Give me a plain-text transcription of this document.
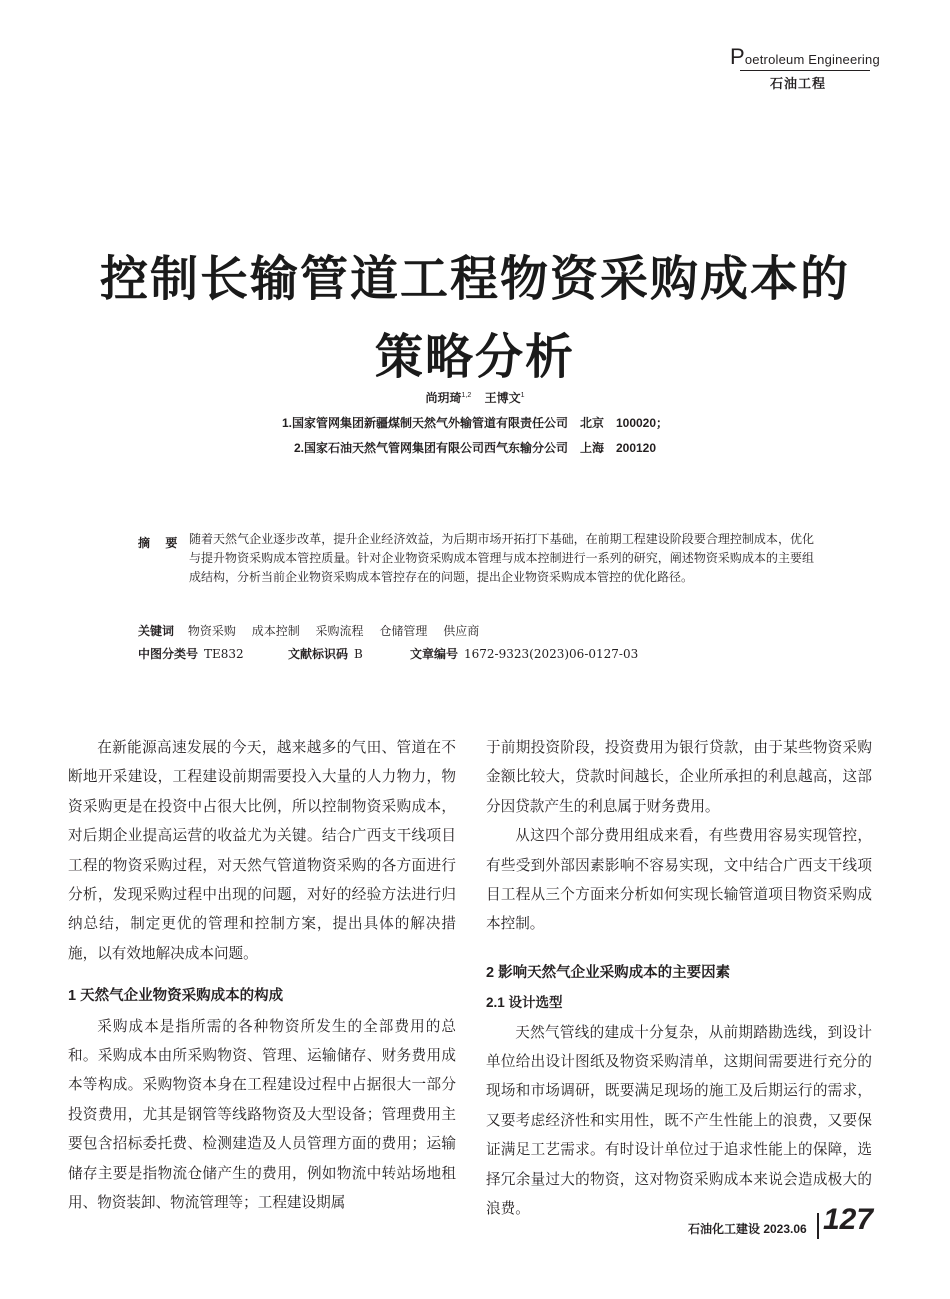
Poetroleum Engineering
石油工程
控制长输管道工程物资采购成本的
策略分析
尚玥琦$^{1,2}$ 王博文$^1$
1.国家管网集团新疆煤制天然气外输管道有限责任公司　北京　100020；
2.国家石油天然气管网集团有限公司西气东输分公司　上海　200120
摘 要 随着天然气企业逐步改革，提升企业经济效益，为后期市场开拓打下基础，在前期工程建设阶段要合理控制成本，优化与提升物资采购成本管控质量。针对企业物资采购成本管理与成本控制进行一系列的研究，阐述物资采购成本的主要组成结构，分析当前企业物资采购成本管控存在的问题，提出企业物资采购成本管控的优化路径。
关键词 物资采购 成本控制 采购流程 仓储管理 供应商
中图分类号 TE832	文献标识码 B	文章编号 1672-9323(2023)06-0127-03

在新能源高速发展的今天，越来越多的气田、管道在不断地开采建设，工程建设前期需要投入大量的人力物力，物资采购更是在投资中占很大比例，所以控制物资采购成本，对后期企业提高运营的收益尤为关键。结合广西支干线项目工程的物资采购过程，对天然气管道物资采购的各方面进行分析，发现采购过程中出现的问题，对好的经验方法进行归纳总结，制定更优的管理和控制方案，提出具体的解决措施，以有效地解决成本问题。

1 天然气企业物资采购成本的构成

采购成本是指所需的各种物资所发生的全部费用的总和。采购成本由所采购物资、管理、运输储存、财务费用成本等构成。采购物资本身在工程建设过程中占据很大一部分投资费用，尤其是钢管等线路物资及大型设备；管理费用主要包含招标委托费、检测建造及人员管理方面的费用；运输储存主要是指物流仓储产生的费用，例如物流中转站场地租用、物资装卸、物流管理等；工程建设期属

于前期投资阶段，投资费用为银行贷款，由于某些物资采购金额比较大，贷款时间越长，企业所承担的利息越高，这部分因贷款产生的利息属于财务费用。

从这四个部分费用组成来看，有些费用容易实现管控，有些受到外部因素影响不容易实现，文中结合广西支干线项目工程从三个方面来分析如何实现长输管道项目物资采购成本控制。

2 影响天然气企业采购成本的主要因素
2.1 设计选型

天然气管线的建成十分复杂，从前期踏勘选线，到设计单位给出设计图纸及物资采购清单，这期间需要进行充分的现场和市场调研，既要满足现场的施工及后期运行的需求，又要考虑经济性和实用性，既不产生性能上的浪费，又要保证满足工艺需求。有时设计单位过于追求性能上的保障，选择冗余量过大的物资，这对物资采购成本来说会造成极大的浪费。

石油化工建设 2023.06 127
